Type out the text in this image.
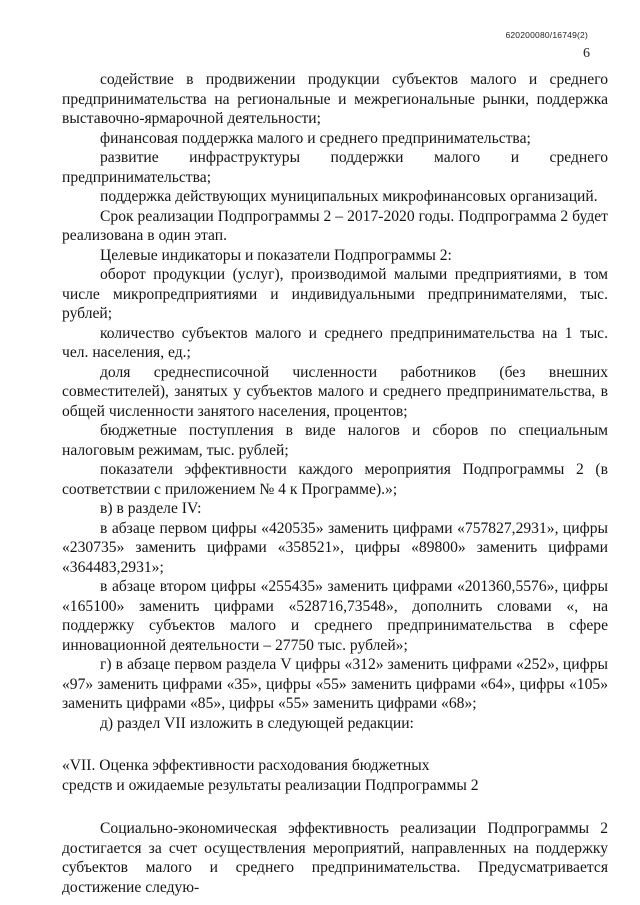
620200080/16749(2)
6

содействие в продвижении продукции субъектов малого и среднего предпринимательства на региональные и межрегиональные рынки, поддержка выставочно-ярмарочной деятельности;

финансовая поддержка малого и среднего предпринимательства;

развитие инфраструктуры поддержки малого и среднего предпринимательства;

поддержка действующих муниципальных микрофинансовых организаций.

Срок реализации Подпрограммы 2 – 2017-2020 годы. Подпрограмма 2 будет реализована в один этап.

Целевые индикаторы и показатели Подпрограммы 2:

оборот продукции (услуг), производимой малыми предприятиями, в том числе микропредприятиями и индивидуальными предпринимателями, тыс. рублей;

количество субъектов малого и среднего предпринимательства на 1 тыс. чел. населения, ед.;

доля среднесписочной численности работников (без внешних совместителей), занятых у субъектов малого и среднего предпринимательства, в общей численности занятого населения, процентов;

бюджетные поступления в виде налогов и сборов по специальным налоговым режимам, тыс. рублей;

показатели эффективности каждого мероприятия Подпрограммы 2 (в соответствии с приложением № 4 к Программе).»;

в) в разделе IV:

в абзаце первом цифры «420535» заменить цифрами «757827,2931», цифры «230735» заменить цифрами «358521», цифры «89800» заменить цифрами «364483,2931»;

в абзаце втором цифры «255435» заменить цифрами «201360,5576», цифры «165100» заменить цифрами «528716,73548», дополнить словами «, на поддержку субъектов малого и среднего предпринимательства в сфере инновационной деятельности – 27750 тыс. рублей»;

г) в абзаце первом раздела V цифры «312» заменить цифрами «252», цифры «97» заменить цифрами «35», цифры «55» заменить цифрами «64», цифры «105» заменить цифрами «85», цифры «55» заменить цифрами «68»;

д) раздел VII изложить в следующей редакции:

«VII. Оценка эффективности расходования бюджетных
средств и ожидаемые результаты реализации Подпрограммы 2

Социально-экономическая эффективность реализации Подпрограммы 2 достигается за счет осуществления мероприятий, направленных на поддержку субъектов малого и среднего предпринимательства. Предусматривается достижение следую-
